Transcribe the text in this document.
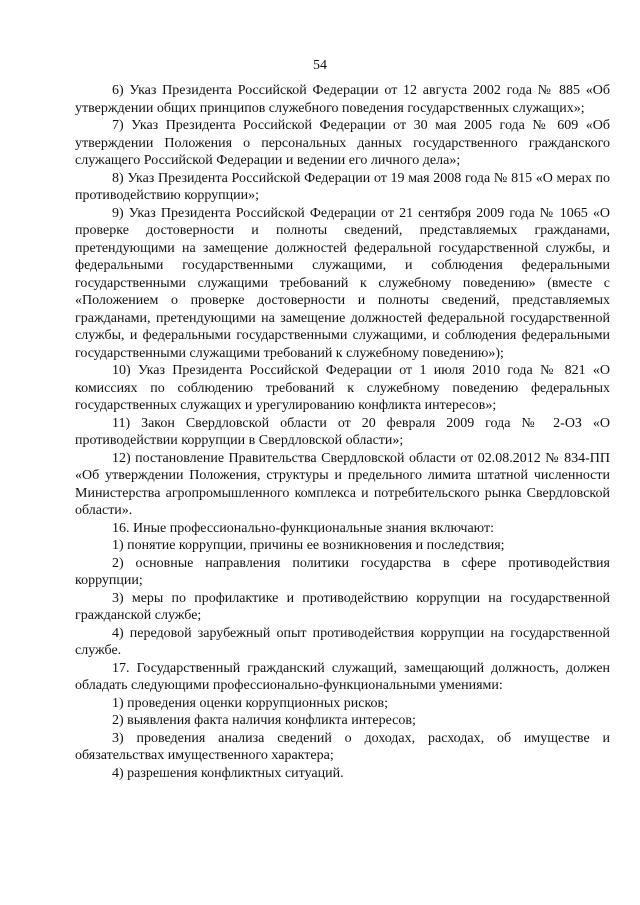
54

6) Указ Президента Российской Федерации от 12 августа 2002 года № 885 «Об утверждении общих принципов служебного поведения государственных служащих»;

7) Указ Президента Российской Федерации от 30 мая 2005 года № 609 «Об утверждении Положения о персональных данных государственного гражданского служащего Российской Федерации и ведении его личного дела»;

8) Указ Президента Российской Федерации от 19 мая 2008 года № 815 «О мерах по противодействию коррупции»;

9) Указ Президента Российской Федерации от 21 сентября 2009 года № 1065 «О проверке достоверности и полноты сведений, представляемых гражданами, претендующими на замещение должностей федеральной государственной службы, и федеральными государственными служащими, и соблюдения федеральными государственными служащими требований к служебному поведению» (вместе с «Положением о проверке достоверности и полноты сведений, представляемых гражданами, претендующими на замещение должностей федеральной государственной службы, и федеральными государственными служащими, и соблюдения федеральными государственными служащими требований к служебному поведению»);

10) Указ Президента Российской Федерации от 1 июля 2010 года № 821 «О комиссиях по соблюдению требований к служебному поведению федеральных государственных служащих и урегулированию конфликта интересов»;

11) Закон Свердловской области от 20 февраля 2009 года № 2-ОЗ «О противодействии коррупции в Свердловской области»;

12) постановление Правительства Свердловской области от 02.08.2012 № 834-ПП «Об утверждении Положения, структуры и предельного лимита штатной численности Министерства агропромышленного комплекса и потребительского рынка Свердловской области».

16. Иные профессионально-функциональные знания включают:

1) понятие коррупции, причины ее возникновения и последствия;

2) основные направления политики государства в сфере противодействия коррупции;

3) меры по профилактике и противодействию коррупции на государственной гражданской службе;

4) передовой зарубежный опыт противодействия коррупции на государственной службе.

17. Государственный гражданский служащий, замещающий должность, должен обладать следующими профессионально-функциональными умениями:

1) проведения оценки коррупционных рисков;

2) выявления факта наличия конфликта интересов;

3) проведения анализа сведений о доходах, расходах, об имуществе и обязательствах имущественного характера;

4) разрешения конфликтных ситуаций.
